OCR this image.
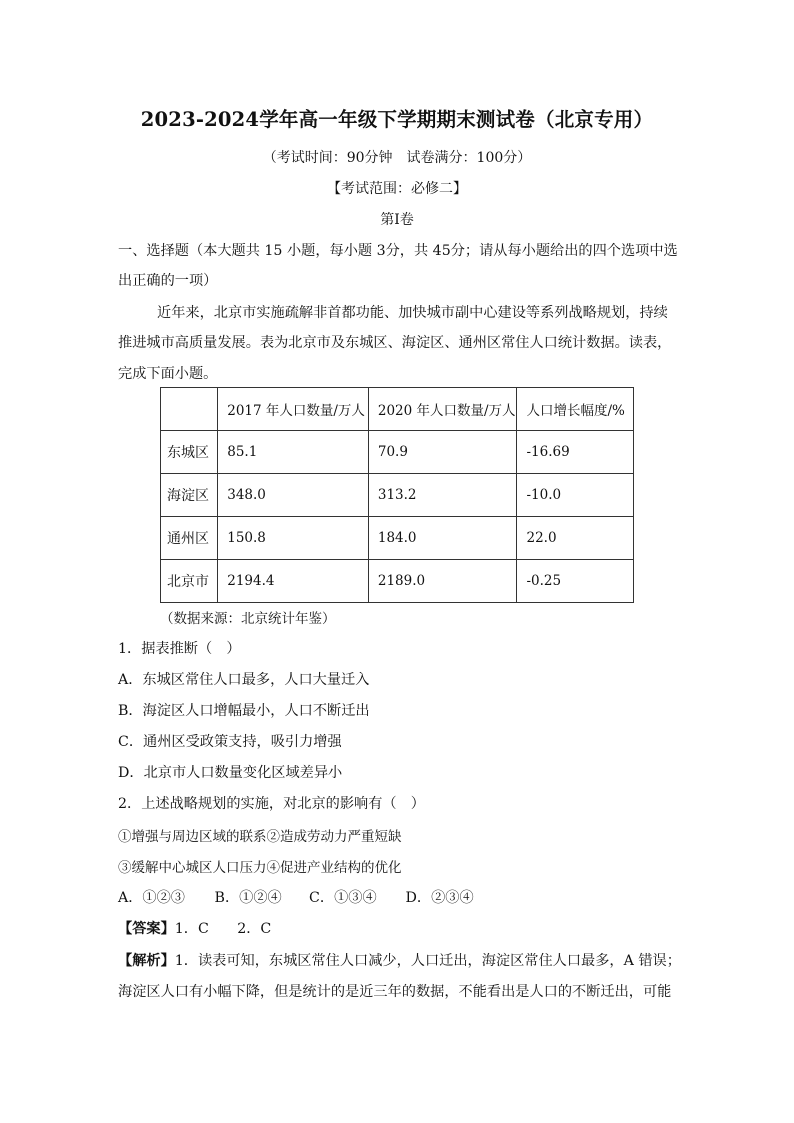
2023-2024学年高一年级下学期期末测试卷（北京专用）
（考试时间：90分钟　试卷满分：100分）
【考试范围：必修二】
第Ⅰ卷
一、选择题（本大题共 15 小题，每小题 3分，共 45分；请从每小题给出的四个选项中选
出正确的一项）
近年来，北京市实施疏解非首都功能、加快城市副中心建设等系列战略规划，持续
推进城市高质量发展。表为北京市及东城区、海淀区、通州区常住人口统计数据。读表，
完成下面小题。
	2017 年人口数量/万人	2020 年人口数量/万人	人口增长幅度/%
东城区	85.1	70.9	-16.69
海淀区	348.0	313.2	-10.0
通州区	150.8	184.0	22.0
北京市	2194.4	2189.0	-0.25
（数据来源：北京统计年鉴）
1．据表推断（　）
A．东城区常住人口最多，人口大量迁入
B．海淀区人口增幅最小，人口不断迁出
C．通州区受政策支持，吸引力增强
D．北京市人口数量变化区域差异小
2．上述战略规划的实施，对北京的影响有（　）
①增强与周边区域的联系②造成劳动力严重短缺
③缓解中心城区人口压力④促进产业结构的优化
A．①②③ B．①②④ C．①③④ D．②③④
【答案】1．C　　2．C
【解析】1．读表可知，东城区常住人口减少，人口迁出，海淀区常住人口最多，A 错误；
海淀区人口有小幅下降，但是统计的是近三年的数据，不能看出是人口的不断迁出，可能
